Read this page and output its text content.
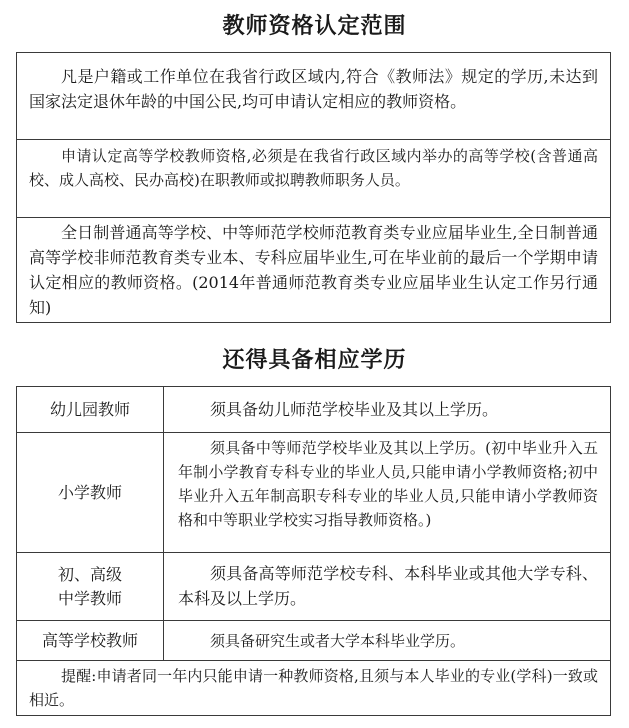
教师资格认定范围

凡是户籍或工作单位在我省行政区域内,符合《教师法》规定的学历,未达到国家法定退休年龄的中国公民,均可申请认定相应的教师资格。

申请认定高等学校教师资格,必须是在我省行政区域内举办的高等学校(含普通高校、成人高校、民办高校)在职教师或拟聘教师职务人员。

全日制普通高等学校、中等师范学校师范教育类专业应届毕业生,全日制普通高等学校非师范教育类专业本、专科应届毕业生,可在毕业前的最后一个学期申请认定相应的教师资格。(2014年普通师范教育类专业应届毕业生认定工作另行通知)

还得具备相应学历
幼儿园教师	须具备幼儿师范学校毕业及其以上学历。

小学教师

须具备中等师范学校毕业及其以上学历。(初中毕业升入五年制小学教育专科专业的毕业人员,只能申请小学教师资格;初中毕业升入五年制高职专科专业的毕业人员,只能申请小学教师资格和中等职业学校实习指导教师资格。)

初、高级
中学教师

须具备高等师范学校专科、本科毕业或其他大学专科、本科及以上学历。

高等学校教师	须具备研究生或者大学本科毕业学历。

提醒:申请者同一年内只能申请一种教师资格,且须与本人毕业的专业(学科)一致或相近。
